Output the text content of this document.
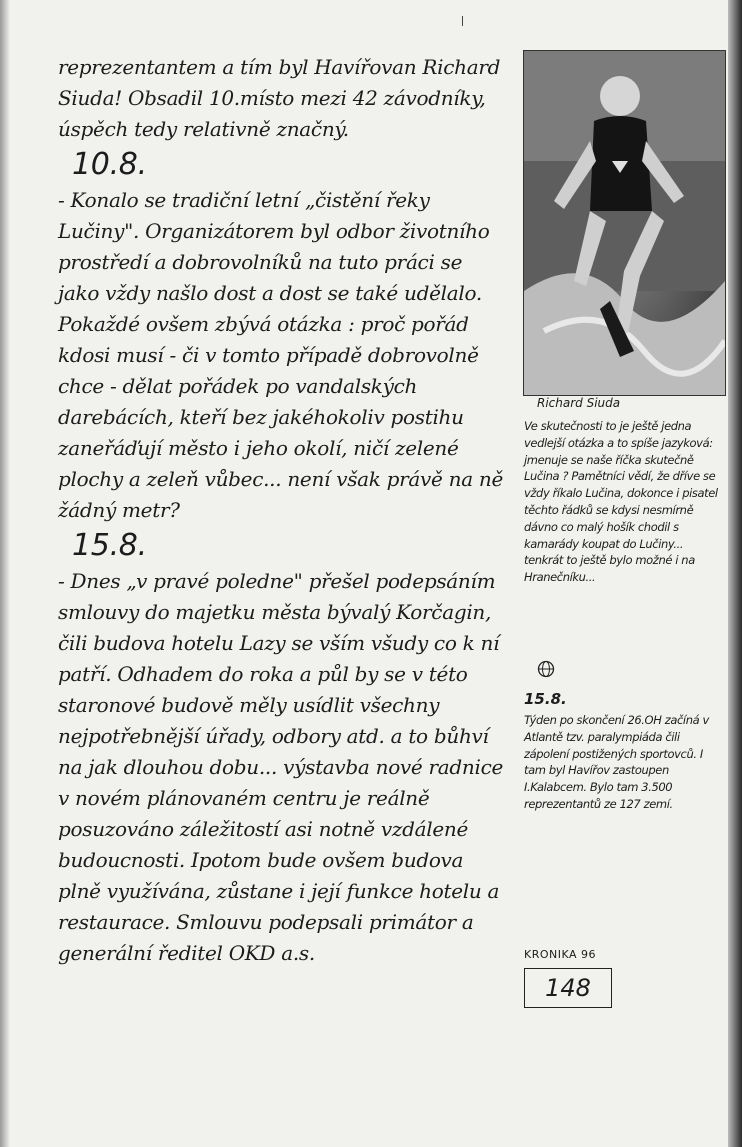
reprezentantem a tím byl Havířovan Richard Siuda! Obsadil 10.místo mezi 42 závodníky, úspěch tedy relativně značný.

10.8.

- Konalo se tradiční letní „čistění řeky Lučiny". Organizátorem byl odbor životního prostředí a dobrovolníků na tuto práci se jako vždy našlo dost a dost se také udělalo. Pokaždé ovšem zbývá otázka : proč pořád kdosi musí - či v tomto případě dobrovolně chce - dělat pořádek po vandalských darebácích, kteří bez jakéhokoliv postihu zaneřáďují město i jeho okolí, ničí zelené plochy a zeleň vůbec... není však právě na ně žádný metr?

15.8.

- Dnes „v pravé poledne" přešel podepsáním smlouvy do majetku města bývalý Korčagin, čili budova hotelu Lazy se vším všudy co k ní patří. Odhadem do roka a půl by se v této staronové budově měly usídlit všechny nejpotřebnější úřady, odbory atd. a to bůhví na jak dlouhou dobu... výstavba nové radnice v novém plánovaném centru je reálně posuzováno záležitostí asi notně vzdálené budoucnosti. Ipotom bude ovšem budova plně využívána, zůstane i její funkce hotelu a restaurace. Smlouvu podepsali primátor a generální ředitel OKD a.s.

Richard Siuda

Ve skutečnosti to je ještě jedna vedlejší otázka a to spíše jazyková: jmenuje se naše říčka skutečně Lučina ? Pamětníci vědí, že dříve se vždy říkalo Lučina, dokonce i pisatel těchto řádků se kdysi nesmírně dávno co malý hošík chodil s kamarády koupat do Lučiny... tenkrát to ještě bylo možné i na Hranečníku...

15.8.

Týden po skončení 26.OH začíná v Atlantě tzv. paralympiáda čili zápolení postižených sportovců. I tam byl Havířov zastoupen I.Kalabcem. Bylo tam 3.500 reprezentantů ze 127 zemí.

KRONIKA 96
148
